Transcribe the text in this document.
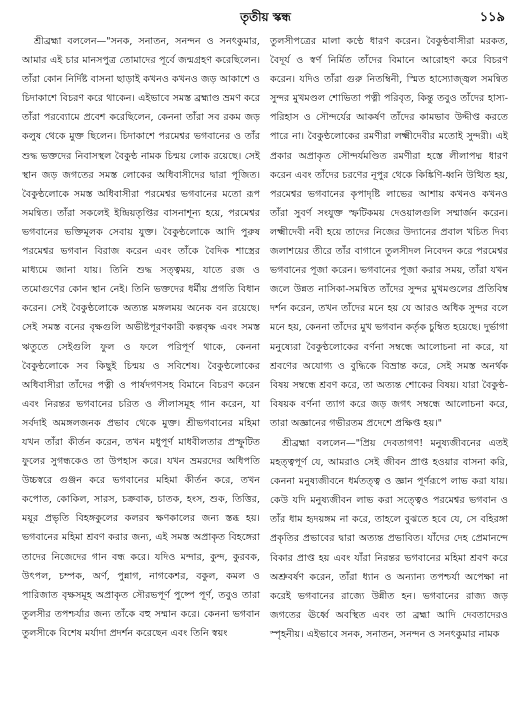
তৃতীয় স্কন্ধ	১১৯

শ্রীব্রহ্মা বললেন—"সনক, সনাতন, সনন্দন ও সনৎকুমার, আমার এই চার মানসপুত্র তোমাদের পূর্বে জন্মগ্রহণ করেছিলেন। তাঁরা কোন নির্দিষ্ট বাসনা ছাড়াই কখনও কখনও জড় আকাশে ও চিদাকাশে বিচরণ করে থাকেন। এইভাবে সমস্ত ব্রহ্মাণ্ড ভ্রমণ করে তাঁরা পরব্যোমে প্রবেশ করেছিলেন, কেননা তাঁরা সব রকম জড় কলুষ থেকে মুক্ত ছিলেন। চিদাকাশে পরমেশ্বর ভগবানের ও তাঁর শুদ্ধ ভক্তদের নিবাসস্থল বৈকুণ্ঠ নামক চিন্ময় লোক রয়েছে। সেই স্থান জড় জগতের সমস্ত লোকের অধিবাসীদের দ্বারা পূজিত। বৈকুণ্ঠলোকে সমস্ত অধিবাসীরা পরমেশ্বর ভগবানের মতো রূপ সমন্বিত। তাঁরা সকলেই ইন্দ্রিয়তৃপ্তির বাসনাশূন্য হয়ে, পরমেশ্বর ভগবানের ভক্তিমূলক সেবায় যুক্ত। বৈকুণ্ঠলোকে আদি পুরুষ পরমেশ্বর ভগবান বিরাজ করেন এবং তাঁকে বৈদিক শাস্ত্রের মাধ্যমে জানা যায়। তিনি শুদ্ধ সত্ত্বময়, যাতে রজ ও তমোগুণের কোন স্থান নেই। তিনি ভক্তদের ধর্মীয় প্রগতি বিধান করেন। সেই বৈকুণ্ঠলোকে অত্যন্ত মঙ্গলময় অনেক বন রয়েছে। সেই সমস্ত বনের বৃক্ষগুলি অভীষ্টপূরণকারী কল্পবৃক্ষ এবং সমস্ত ঋতুতে সেইগুলি ফুল ও ফলে পরিপূর্ণ থাকে, কেননা বৈকুণ্ঠলোকে সব কিছুই চিন্ময় ও সবিশেষ। বৈকুণ্ঠলোকের অধিবাসীরা তাঁদের পত্নী ও পার্ষদগণসহ বিমানে বিচরণ করেন এবং নিরন্তর ভগবানের চরিত ও লীলাসমূহ গান করেন, যা সর্বদাই অমঙ্গলজনক প্রভাব থেকে মুক্ত। শ্রীভগবানের মহিমা যখন তাঁরা কীর্তন করেন, তখন মধুপূর্ণ মাধবীলতার প্রস্ফুটিত ফুলের সুগন্ধকেও তা উপহাস করে। যখন ভ্রমরদের অধিপতি উচ্চস্বরে গুঞ্জন করে ভগবানের মহিমা কীর্তন করে, তখন কপোত, কোকিল, সারস, চক্রবাক, চাতক, হংস, শুক, তিত্তির, ময়ূর প্রভৃতি বিহঙ্গকুলের কলরব ক্ষণকালের জন্য স্তব্ধ হয়। ভগবানের মহিমা শ্রবণ করার জন্য, এই সমস্ত অপ্রাকৃত বিহঙ্গেরা তাদের নিজেদের গান বন্ধ করে। যদিও মন্দার, কুন্দ, কুরবক, উৎপল, চম্পক, অর্ণ, পুন্নাগ, নাগকেশর, বকুল, কমল ও পারিজাত বৃক্ষসমূহ অপ্রাকৃত সৌরভপূর্ণ পুষ্পে পূর্ণ, তবুও তারা তুলসীর তপশ্চর্যার জন্য তাঁকে বহু সম্মান করে। কেননা ভগবান তুলসীকে বিশেষ মর্যাদা প্রদর্শন করেছেন এবং তিনি স্বয়ং

তুলসীপত্রের মালা কণ্ঠে ধারণ করেন। বৈকুণ্ঠবাসীরা মরকত, বৈদূর্য ও স্বর্ণ নির্মিত তাঁদের বিমানে আরোহণ করে বিচরণ করেন। যদিও তাঁরা গুরু নিতম্বিনী, স্মিত হাস্যোজ্জ্বল সমন্বিত সুন্দর মুখমণ্ডল শোভিতা পত্নী পরিবৃত, কিন্তু তবুও তাঁদের হাস্য-পরিহাস ও সৌন্দর্যের আকর্ষণ তাঁদের কামভাব উদ্দীপ্ত করতে পারে না। বৈকুণ্ঠলোকের রমণীরা লক্ষ্মীদেবীর মতোই সুন্দরী। এই প্রকার অপ্রাকৃত সৌন্দর্যমণ্ডিত রমণীরা হস্তে লীলাপদ্ম ধারণ করেন এবং তাঁদের চরণের নূপুর থেকে কিঙ্কিণি-ধ্বনি উত্থিত হয়, পরমেশ্বর ভগবানের কৃপাদৃষ্টি লাভের আশায় কখনও কখনও তাঁরা সুবর্ণ সংযুক্ত স্ফটিকময় দেওয়ালগুলি সম্মার্জন করেন। লক্ষ্মীদেবী নবী হয়ে তাদের নিজের উদ্যানের প্রবাল খচিত দিব্য জলাশয়ের তীরে তাঁর বাগানে তুলসীদল নিবেদন করে পরমেশ্বর ভগবানের পূজা করেন। ভগবানের পূজা করার সময়, তাঁরা যখন জলে উন্নত নাসিকা-সমন্বিত তাঁদের সুন্দর মুখমণ্ডলের প্রতিবিম্ব দর্শন করেন, তখন তাঁদের মনে হয় যে আরও অধিক সুন্দর বলে মনে হয়, কেননা তাঁদের মুখ ভগবান কর্তৃক চুম্বিত হয়েছে। দুর্ভাগা মনুষ্যেরা বৈকুণ্ঠলোকের বর্ণনা সম্বন্ধে আলোচনা না করে, যা শ্রবণের অযোগ্য ও বুদ্ধিকে বিভ্রান্ত করে, সেই সমস্ত অনর্থক বিষয় সম্বন্ধে শ্রবণ করে, তা অত্যন্ত শোকের বিষয়। যারা বৈকুণ্ঠ-বিষয়ক বর্ণনা ত্যাগ করে জড় জগৎ সম্বন্ধে আলোচনা করে, তারা অজ্ঞানের গভীরতম প্রদেশে প্রক্ষিপ্ত হয়।"

শ্রীব্রহ্মা বললেন—"প্রিয় দেবতাগণ! মনুষ্যজীবনের এতই মহত্ত্বপূর্ণ যে, আমরাও সেই জীবন প্রাপ্ত হওয়ার বাসনা করি, কেননা মনুষ্যজীবনে ধর্মতত্ত্ব ও জ্ঞান পূর্ণরূপে লাভ করা যায়। কেউ যদি মনুষ্যজীবন লাভ করা সত্ত্বেও পরমেশ্বর ভগবান ও তাঁর ধাম হৃদয়ঙ্গম না করে, তাহলে বুঝতে হবে যে, সে বহিরঙ্গা প্রকৃতির প্রভাবের দ্বারা অত্যন্ত প্রভাবিত। যাঁদের দেহ প্রেমানন্দে বিকার প্রাপ্ত হয় এবং যাঁরা নিরন্তর ভগবানের মহিমা শ্রবণ করে অশ্রুবর্ষণ করেন, তাঁরা ধ্যান ও অন্যান্য তপশ্চর্যা অপেক্ষা না করেই ভগবানের রাজ্যে উন্নীত হন। ভগবানের রাজ্য জড় জগতের ঊর্ধ্বে অবস্থিত এবং তা ব্রহ্মা আদি দেবতাদেরও স্পৃহনীয়। এইভাবে সনক, সনাতন, সনন্দন ও সনৎকুমার নামক
